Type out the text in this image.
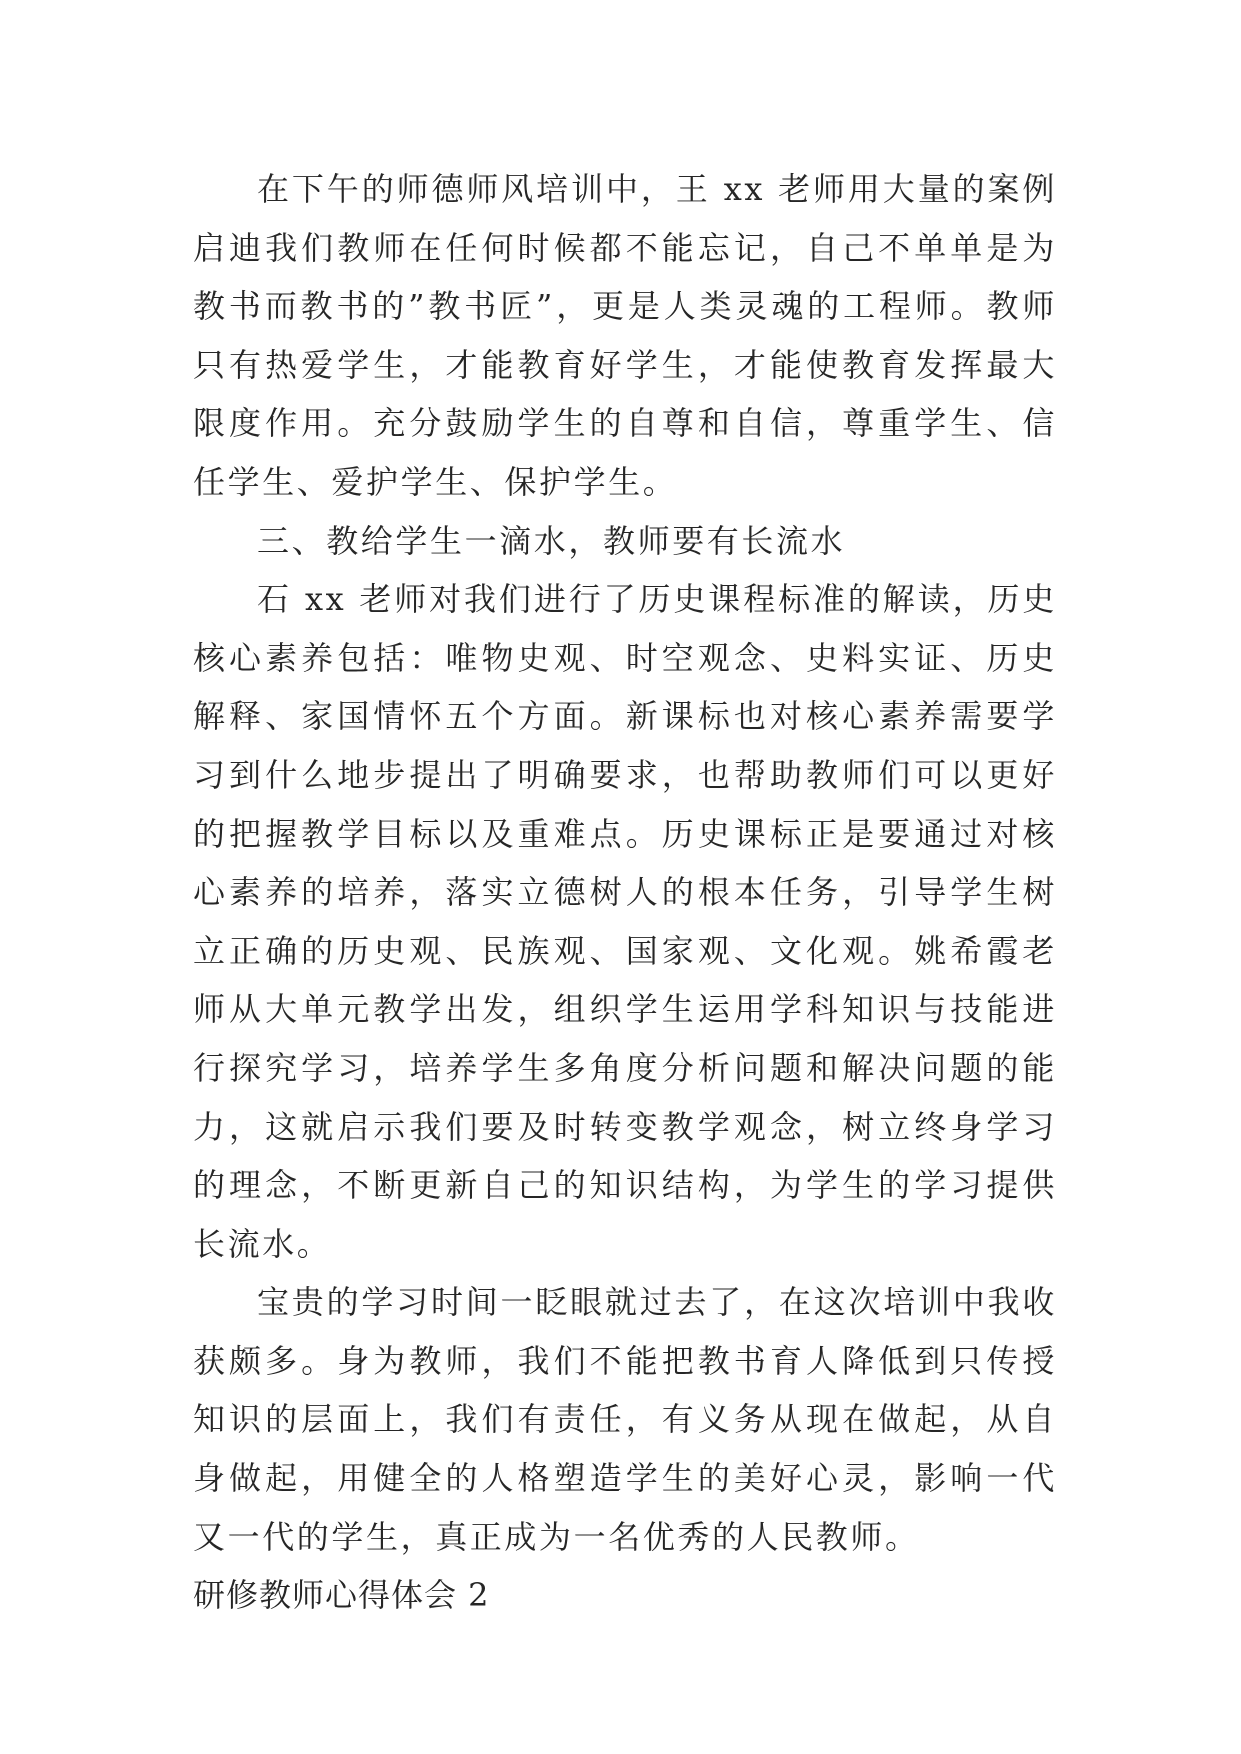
在下午的师德师风培训中，王 xx 老师用大量的案例启迪我们教师在任何时候都不能忘记，自己不单单是为教书而教书的”教书匠”，更是人类灵魂的工程师。教师只有热爱学生，才能教育好学生，才能使教育发挥最大限度作用。充分鼓励学生的自尊和自信，尊重学生、信任学生、爱护学生、保护学生。

三、教给学生一滴水，教师要有长流水

石 xx 老师对我们进行了历史课程标准的解读，历史核心素养包括：唯物史观、时空观念、史料实证、历史解释、家国情怀五个方面。新课标也对核心素养需要学习到什么地步提出了明确要求，也帮助教师们可以更好的把握教学目标以及重难点。历史课标正是要通过对核心素养的培养，落实立德树人的根本任务，引导学生树立正确的历史观、民族观、国家观、文化观。姚希霞老师从大单元教学出发，组织学生运用学科知识与技能进行探究学习，培养学生多角度分析问题和解决问题的能力，这就启示我们要及时转变教学观念，树立终身学习的理念，不断更新自己的知识结构，为学生的学习提供长流水。

宝贵的学习时间一眨眼就过去了，在这次培训中我收获颇多。身为教师，我们不能把教书育人降低到只传授知识的层面上，我们有责任，有义务从现在做起，从自身做起，用健全的人格塑造学生的美好心灵，影响一代又一代的学生，真正成为一名优秀的人民教师。

研修教师心得体会 2
